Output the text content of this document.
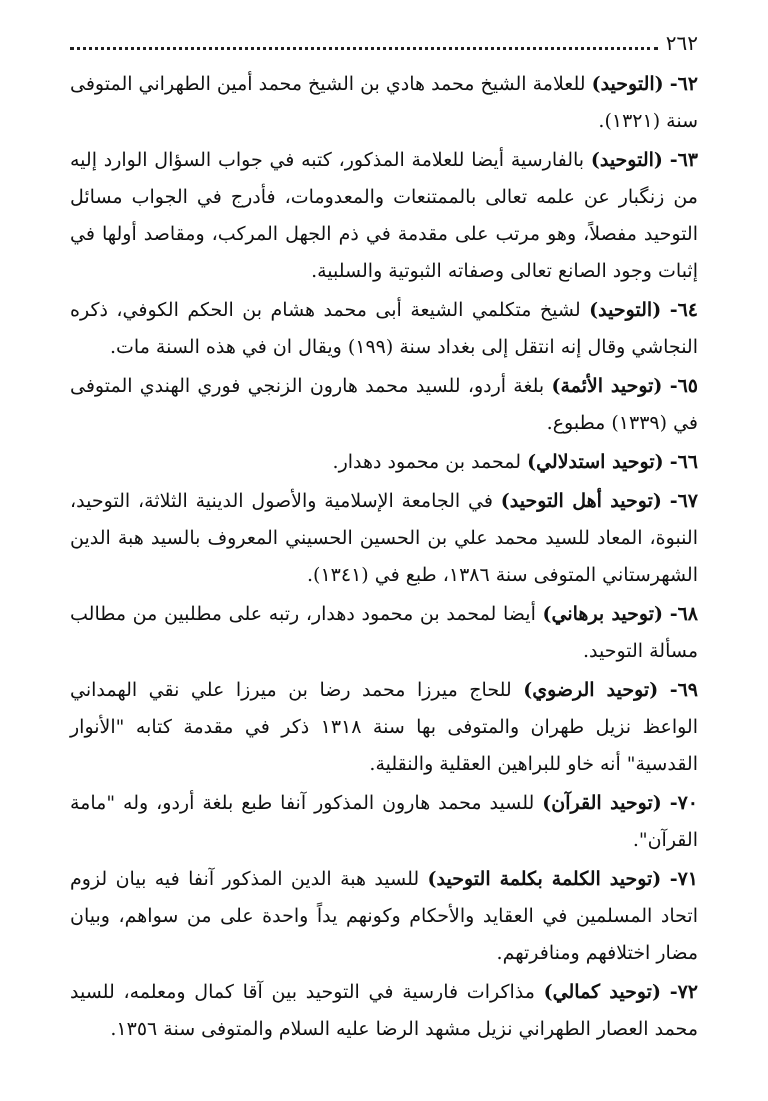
٢٦٢

٦٢- (التوحيد) للعلامة الشيخ محمد هادي بن الشيخ محمد أمين الطهراني المتوفى سنة (١٣٢١).

٦٣- (التوحيد) بالفارسية أيضا للعلامة المذكور، كتبه في جواب السؤال الوارد إليه من زنگبار عن علمه تعالى بالممتنعات والمعدومات، فأدرج في الجواب مسائل التوحيد مفصلاً، وهو مرتب على مقدمة في ذم الجهل المركب، ومقاصد أولها في إثبات وجود الصانع تعالى وصفاته الثبوتية والسلبية.

٦٤- (التوحيد) لشيخ متكلمي الشيعة أبى محمد هشام بن الحكم الكوفي، ذكره النجاشي وقال إنه انتقل إلى بغداد سنة (١٩٩) ويقال ان في هذه السنة مات.

٦٥- (توحيد الأئمة) بلغة أردو، للسيد محمد هارون الزنجي فوري الهندي المتوفى في (١٣٣٩) مطبوع.

٦٦- (توحيد استدلالي) لمحمد بن محمود دهدار.

٦٧- (توحيد أهل التوحيد) في الجامعة الإسلامية والأصول الدينية الثلاثة، التوحيد، النبوة، المعاد للسيد محمد علي بن الحسين الحسيني المعروف بالسيد هبة الدين الشهرستاني المتوفى سنة ١٣٨٦، طبع في (١٣٤١).

٦٨- (توحيد برهاني) أيضا لمحمد بن محمود دهدار، رتبه على مطلبين من مطالب مسألة التوحيد.

٦٩- (توحيد الرضوي) للحاج ميرزا محمد رضا بن ميرزا علي نقي الهمداني الواعظ نزيل طهران والمتوفى بها سنة ١٣١٨ ذكر في مقدمة كتابه "الأنوار القدسية" أنه خاو للبراهين العقلية والنقلية.

٧٠- (توحيد القرآن) للسيد محمد هارون المذكور آنفا طبع بلغة أردو، وله "مامة القرآن".

٧١- (توحيد الكلمة بكلمة التوحيد) للسيد هبة الدين المذكور آنفا فيه بيان لزوم اتحاد المسلمين في العقايد والأحكام وكونهم يداً واحدة على من سواهم، وبيان مضار اختلافهم ومنافرتهم.

٧٢- (توحيد كمالي) مذاكرات فارسية في التوحيد بين آقا كمال ومعلمه، للسيد محمد العصار الطهراني نزيل مشهد الرضا عليه السلام والمتوفى سنة ١٣٥٦.
